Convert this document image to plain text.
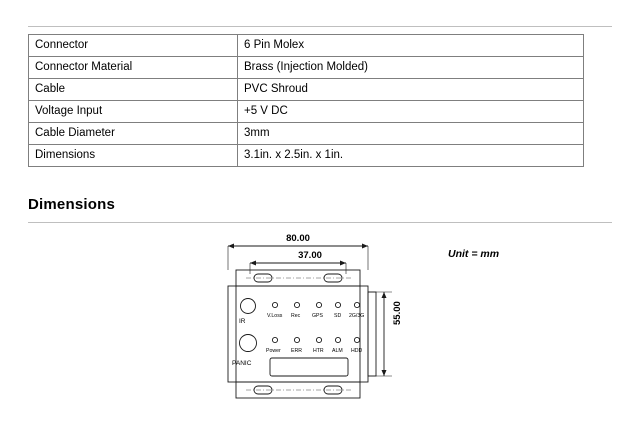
Connector	6 Pin Molex
Connector Material	Brass (Injection Molded)
Cable	PVC Shroud
Voltage Input	+5 V DC
Cable Diameter	3mm
Dimensions	3.1in. x 2.5in. x 1in.
Dimensions
Unit = mm
80.00
37.00
55.00
IR
PANIC
V.Loss Rec GPS SD 2G/3G
Power ERR HTR ALM HDD
